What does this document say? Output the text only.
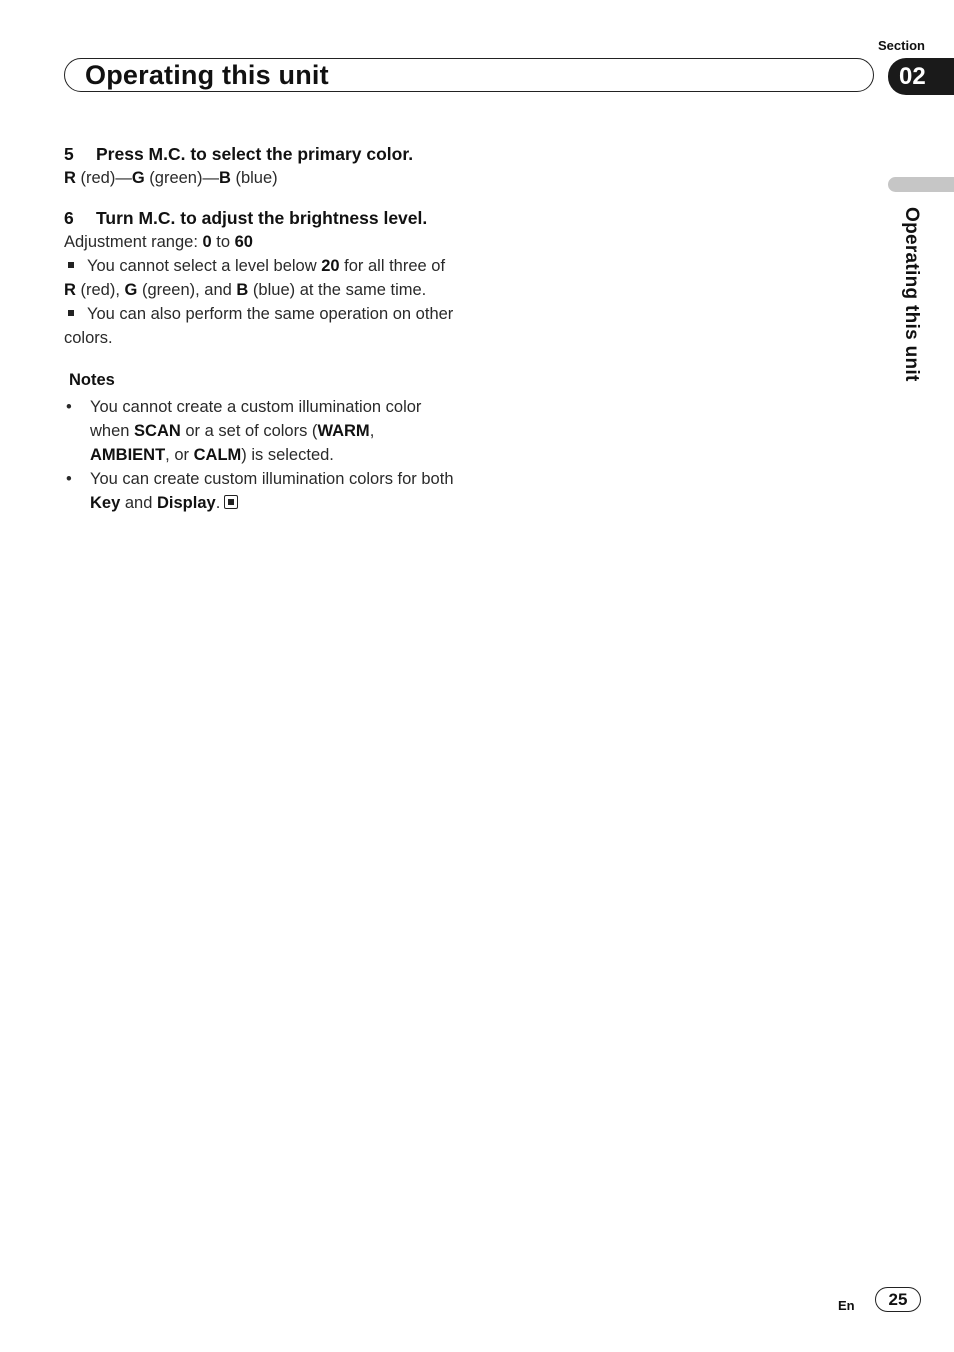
Section
Operating this unit	02
Operating this unit

5 Press M.C. to select the primary color.

R (red)—G (green)—B (blue)

6 Turn M.C. to adjust the brightness level.

Adjustment range: 0 to 60

You cannot select a level below 20 for all three of R (red), G (green), and B (blue) at the same time.

You can also perform the same operation on other colors.

Notes

• You cannot create a custom illumination color when SCAN or a set of colors (WARM, AMBIENT, or CALM) is selected.

• You can create custom illumination colors for both Key and Display.

En	25
